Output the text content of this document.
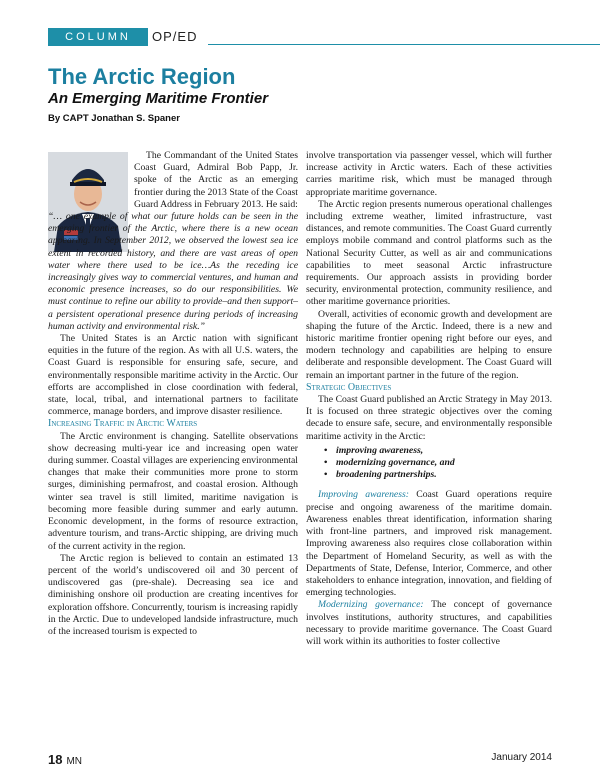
COLUMN	OP/ED
The Arctic Region
An Emerging Maritime Frontier
By CAPT Jonathan S. Spaner

The Commandant of the United States Coast Guard, Admiral Bob Papp, Jr. spoke of the Arctic as an emerging frontier during the 2013 State of the Coast Guard Address in February 2013. He said:

“… one example of what our future holds can be seen in the emerging frontier of the Arctic, where there is a new ocean appearing. In September 2012, we observed the lowest sea ice extent in recorded history, and there are vast areas of open water where there used to be ice…As the receding ice increasingly gives way to commercial ventures, and human and economic presence increases, so do our responsibilities. We must continue to refine our ability to provide–and then support–a persistent operational presence during periods of increasing human activity and environmental risk.”

The United States is an Arctic nation with significant equities in the future of the region. As with all U.S. waters, the Coast Guard is responsible for ensuring safe, secure, and environmentally responsible maritime activity in the Arctic. Our efforts are accomplished in close coordination with federal, state, local, tribal, and international partners to facilitate commerce, manage borders, and improve disaster resilience.

Increasing Traffic in Arctic Waters

The Arctic environment is changing. Satellite observations show decreasing multi-year ice and increasing open water during summer. Coastal villages are experiencing environmental changes that make their communities more prone to storm surges, diminishing permafrost, and coastal erosion. Although winter sea travel is still limited, maritime navigation is becoming more feasible during summer and early autumn. Economic development, in the forms of resource extraction, adventure tourism, and trans-Arctic shipping, are driving much of the current activity in the region.

The Arctic region is believed to contain an estimated 13 percent of the world’s undiscovered oil and 30 percent of undiscovered gas (pre-shale). Decreasing sea ice and diminishing onshore oil production are creating incentives for exploration offshore. Concurrently, tourism is increasing rapidly in the Arctic. Due to undeveloped landside infrastructure, much of the increased tourism is expected to

involve transportation via passenger vessel, which will further increase activity in Arctic waters. Each of these activities carries maritime risk, which must be managed through appropriate maritime governance.

The Arctic region presents numerous operational challenges including extreme weather, limited infrastructure, vast distances, and remote communities. The Coast Guard currently employs mobile command and control platforms such as the National Security Cutter, as well as air and communications capabilities to meet seasonal Arctic infrastructure requirements. Our approach assists in providing border security, environmental protection, community resilience, and other maritime governance priorities.

Overall, activities of economic growth and development are shaping the future of the Arctic. Indeed, there is a new and historic maritime frontier opening right before our eyes, and modern technology and capabilities are helping to ensure deliberate and responsible development. The Coast Guard will remain an important partner in the future of the region.

Strategic Objectives

The Coast Guard published an Arctic Strategy in May 2013. It is focused on three strategic objectives over the coming decade to ensure safe, secure, and environmentally responsible maritime activity in the Arctic:

• improving awareness,
• modernizing governance, and
• broadening partnerships.

Improving awareness: Coast Guard operations require precise and ongoing awareness of the maritime domain. Awareness enables threat identification, information sharing with front-line partners, and improved risk management. Improving awareness also requires close collaboration within the Department of Homeland Security, as well as with the Departments of State, Defense, Interior, Commerce, and other stakeholders to enhance integration, innovation, and fielding of emerging technologies.

Modernizing governance: The concept of governance involves institutions, authority structures, and capabilities necessary to provide maritime governance. The Coast Guard will work within its authorities to foster collective

18 MN	January 2014
